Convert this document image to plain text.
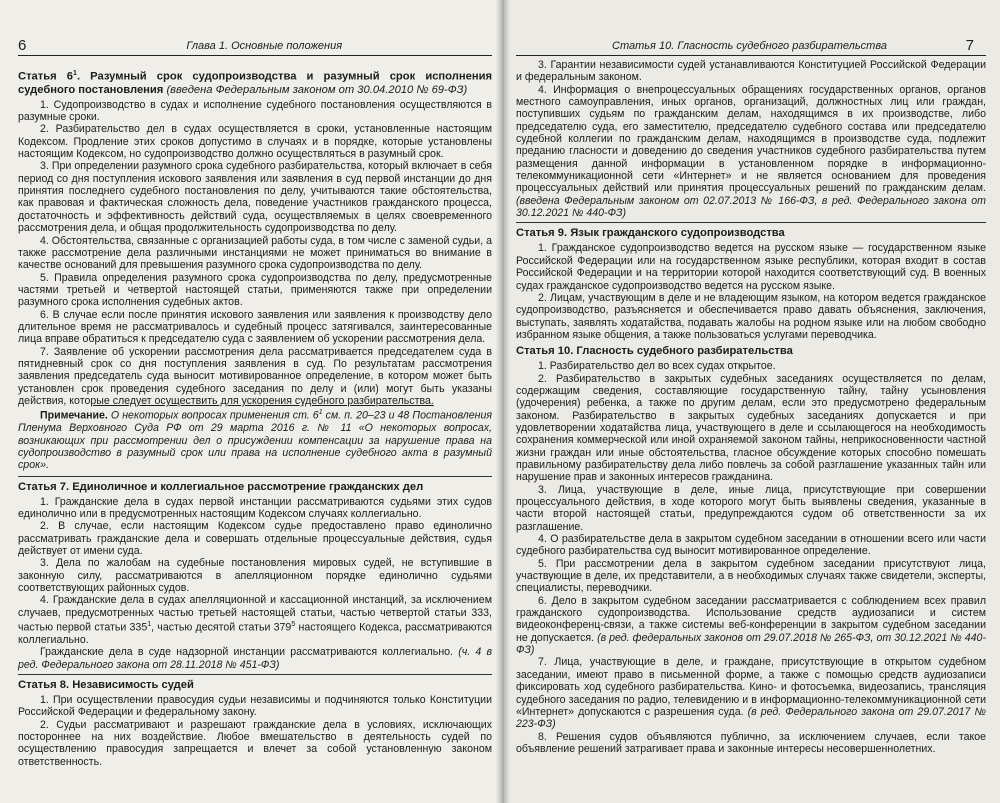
6	Глава 1. Основные положения
Статья $6^1$. Разумный срок судопроизводства и разумный срок исполнения судебного постановления (введена Федеральным законом от 30.04.2010 № 69-ФЗ)

1. Судопроизводство в судах и исполнение судебного постановления осуществляются в разумные сроки.

2. Разбирательство дел в судах осуществляется в сроки, установленные настоящим Кодексом. Продление этих сроков допустимо в случаях и в порядке, которые установлены настоящим Кодексом, но судопроизводство должно осуществляться в разумный срок.

3. При определении разумного срока судебного разбирательства, который включает в себя период со дня поступления искового заявления или заявления в суд первой инстанции до дня принятия последнего судебного постановления по делу, учитываются такие обстоятельства, как правовая и фактическая сложность дела, поведение участников гражданского процесса, достаточность и эффективность действий суда, осуществляемых в целях своевременного рассмотрения дела, и общая продолжительность судопроизводства по делу.

4. Обстоятельства, связанные с организацией работы суда, в том числе с заменой судьи, а также рассмотрение дела различными инстанциями не может приниматься во внимание в качестве оснований для превышения разумного срока судопроизводства по делу.

5. Правила определения разумного срока судопроизводства по делу, предусмотренные частями третьей и четвертой настоящей статьи, применяются также при определении разумного срока исполнения судебных актов.

6. В случае если после принятия искового заявления или заявления к производству дело длительное время не рассматривалось и судебный процесс затягивался, заинтересованные лица вправе обратиться к председателю суда с заявлением об ускорении рассмотрения дела.

7. Заявление об ускорении рассмотрения дела рассматривается председателем суда в пятидневный срок со дня поступления заявления в суд. По результатам рассмотрения заявления председатель суда выносит мотивированное определение, в котором может быть установлен срок проведения судебного заседания по делу и (или) могут быть указаны действия, которые следует осуществить для ускорения судебного разбирательства.

Примечание. О некоторых вопросах применения ст. $6^1$ см. п. 20–23 и 48 Постановления Пленума Верховного Суда РФ от 29 марта 2016 г. № 11 «О некоторых вопросах, возникающих при рассмотрении дел о присуждении компенсации за нарушение права на судопроизводство в разумный срок или права на исполнение судебного акта в разумный срок».

Статья 7. Единоличное и коллегиальное рассмотрение гражданских дел

1. Гражданские дела в судах первой инстанции рассматриваются судьями этих судов единолично или в предусмотренных настоящим Кодексом случаях коллегиально.

2. В случае, если настоящим Кодексом судье предоставлено право единолично рассматривать гражданские дела и совершать отдельные процессуальные действия, судья действует от имени суда.

3. Дела по жалобам на судебные постановления мировых судей, не вступившие в законную силу, рассматриваются в апелляционном порядке единолично судьями соответствующих районных судов.

4. Гражданские дела в судах апелляционной и кассационной инстанций, за исключением случаев, предусмотренных частью третьей настоящей статьи, частью четвертой статьи 333, частью первой статьи $335^1$, частью десятой статьи $379^5$ настоящего Кодекса, рассматриваются коллегиально.

Гражданские дела в суде надзорной инстанции рассматриваются коллегиально. (ч. 4 в ред. Федерального закона от 28.11.2018 № 451-ФЗ)

Статья 8. Независимость судей

1. При осуществлении правосудия судьи независимы и подчиняются только Конституции Российской Федерации и федеральному закону.

2. Судьи рассматривают и разрешают гражданские дела в условиях, исключающих постороннее на них воздействие. Любое вмешательство в деятельность судей по осуществлению правосудия запрещается и влечет за собой установленную законом ответственность.

Статья 10. Гласность судебного разбирательства	7

3. Гарантии независимости судей устанавливаются Конституцией Российской Федерации и федеральным законом.

4. Информация о внепроцессуальных обращениях государственных органов, органов местного самоуправления, иных органов, организаций, должностных лиц или граждан, поступивших судьям по гражданским делам, находящимся в их производстве, либо председателю суда, его заместителю, председателю судебного состава или председателю судебной коллегии по гражданским делам, находящимся в производстве суда, подлежит преданию гласности и доведению до сведения участников судебного разбирательства путем размещения данной информации в установленном порядке в информационно-телекоммуникационной сети «Интернет» и не является основанием для проведения процессуальных действий или принятия процессуальных решений по гражданским делам. (введена Федеральным законом от 02.07.2013 № 166-ФЗ, в ред. Федерального закона от 30.12.2021 № 440-ФЗ)

Статья 9. Язык гражданского судопроизводства

1. Гражданское судопроизводство ведется на русском языке — государственном языке Российской Федерации или на государственном языке республики, которая входит в состав Российской Федерации и на территории которой находится соответствующий суд. В военных судах гражданское судопроизводство ведется на русском языке.

2. Лицам, участвующим в деле и не владеющим языком, на котором ведется гражданское судопроизводство, разъясняется и обеспечивается право давать объяснения, заключения, выступать, заявлять ходатайства, подавать жалобы на родном языке или на любом свободно избранном языке общения, а также пользоваться услугами переводчика.

Статья 10. Гласность судебного разбирательства

1. Разбирательство дел во всех судах открытое.

2. Разбирательство в закрытых судебных заседаниях осуществляется по делам, содержащим сведения, составляющие государственную тайну, тайну усыновления (удочерения) ребенка, а также по другим делам, если это предусмотрено федеральным законом. Разбирательство в закрытых судебных заседаниях допускается и при удовлетворении ходатайства лица, участвующего в деле и ссылающегося на необходимость сохранения коммерческой или иной охраняемой законом тайны, неприкосновенности частной жизни граждан или иные обстоятельства, гласное обсуждение которых способно помешать правильному разбирательству дела либо повлечь за собой разглашение указанных тайн или нарушение прав и законных интересов гражданина.

3. Лица, участвующие в деле, иные лица, присутствующие при совершении процессуального действия, в ходе которого могут быть выявлены сведения, указанные в части второй настоящей статьи, предупреждаются судом об ответственности за их разглашение.

4. О разбирательстве дела в закрытом судебном заседании в отношении всего или части судебного разбирательства суд выносит мотивированное определение.

5. При рассмотрении дела в закрытом судебном заседании присутствуют лица, участвующие в деле, их представители, а в необходимых случаях также свидетели, эксперты, специалисты, переводчики.

6. Дело в закрытом судебном заседании рассматривается с соблюдением всех правил гражданского судопроизводства. Использование средств аудиозаписи и систем видеоконференц-связи, а также системы веб-конференции в закрытом судебном заседании не допускается. (в ред. федеральных законов от 29.07.2018 № 265-ФЗ, от 30.12.2021 № 440-ФЗ)

7. Лица, участвующие в деле, и граждане, присутствующие в открытом судебном заседании, имеют право в письменной форме, а также с помощью средств аудиозаписи фиксировать ход судебного разбирательства. Кино- и фотосъемка, видеозапись, трансляция судебного заседания по радио, телевидению и в информационно-телекоммуникационной сети «Интернет» допускаются с разрешения суда. (в ред. Федерального закона от 29.07.2017 № 223-ФЗ)

8. Решения судов объявляются публично, за исключением случаев, если такое объявление решений затрагивает права и законные интересы несовершеннолетних.
